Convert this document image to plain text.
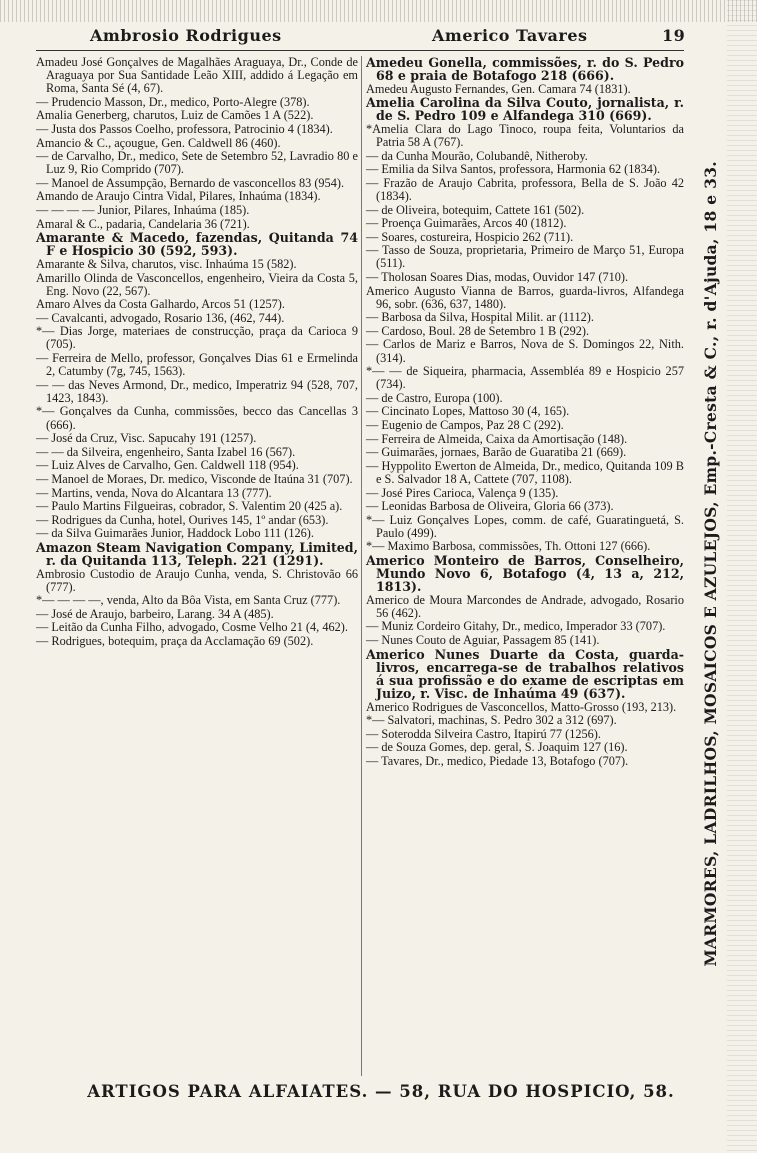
Ambrosio Rodrigues	Americo Tavares	19
Amadeu José Gonçalves de Magalhães Araguaya, Dr., Conde de Araguaya por Sua Santidade Leão XIII, addido á Legação em Roma, Santa Sé (4, 67).
— Prudencio Masson, Dr., medico, Porto-Alegre (378).
Amalia Generberg, charutos, Luiz de Camões 1 A (522).
— Justa dos Passos Coelho, professora, Patrocinio 4 (1834).
Amancio & C., açougue, Gen. Caldwell 86 (460).
— de Carvalho, Dr., medico, Sete de Setembro 52, Lavradio 80 e Luz 9, Rio Comprido (707).
— Manoel de Assumpção, Bernardo de vasconcellos 83 (954).
Amando de Araujo Cintra Vidal, Pilares, Inhaúma (1834).
— — — — Junior, Pilares, Inhaúma (185).
Amaral & C., padaria, Candelaria 36 (721).
Amarante & Macedo, fazendas, Quitanda 74 F e Hospicio 30 (592, 593).
Amarante & Silva, charutos, visc. Inhaúma 15 (582).
Amarillo Olinda de Vasconcellos, engenheiro, Vieira da Costa 5, Eng. Novo (22, 567).
Amaro Alves da Costa Galhardo, Arcos 51 (1257).
— Cavalcanti, advogado, Rosario 136, (462, 744).
*— Dias Jorge, materiaes de construcção, praça da Carioca 9 (705).
— Ferreira de Mello, professor, Gonçalves Dias 61 e Ermelinda 2, Catumby (7g, 745, 1563).
— — das Neves Armond, Dr., medico, Imperatriz 94 (528, 707, 1423, 1843).
*— Gonçalves da Cunha, commissões, becco das Cancellas 3 (666).
— José da Cruz, Visc. Sapucahy 191 (1257).
— — da Silveira, engenheiro, Santa Izabel 16 (567).
— Luiz Alves de Carvalho, Gen. Caldwell 118 (954).
— Manoel de Moraes, Dr. medico, Visconde de Itaúna 31 (707).
— Martins, venda, Nova do Alcantara 13 (777).
— Paulo Martins Filgueiras, cobrador, S. Valentim 20 (425 a).
— Rodrigues da Cunha, hotel, Ourives 145, 1º andar (653).
— da Silva Guimarães Junior, Haddock Lobo 111 (126).
Amazon Steam Navigation Company, Limited, r. da Quitanda 113, Teleph. 221 (1291).
Ambrosio Custodio de Araujo Cunha, venda, S. Christovão 66 (777).
*— — — —, venda, Alto da Bôa Vista, em Santa Cruz (777).
— José de Araujo, barbeiro, Larang. 34 A (485).
— Leitão da Cunha Filho, advogado, Cosme Velho 21 (4, 462).
— Rodrigues, botequim, praça da Acclamação 69 (502).
Amedeu Gonella, commissões, r. do S. Pedro 68 e praia de Botafogo 218 (666).
Amedeu Augusto Fernandes, Gen. Camara 74 (1831).
Amelia Carolina da Silva Couto, jornalista, r. de S. Pedro 109 e Alfandega 310 (669).
*Amelia Clara do Lago Tinoco, roupa feita, Voluntarios da Patria 58 A (767).
— da Cunha Mourão, Colubandê, Nitheroby.
— Emilia da Silva Santos, professora, Harmonia 62 (1834).
— Frazão de Araujo Cabrita, professora, Bella de S. João 42 (1834).
— de Oliveira, botequim, Cattete 161 (502).
— Proença Guimarães, Arcos 40 (1812).
— Soares, costureira, Hospicio 262 (711).
— Tasso de Souza, proprietaria, Primeiro de Março 51, Europa (511).
— Tholosan Soares Dias, modas, Ouvidor 147 (710).
Americo Augusto Vianna de Barros, guarda-livros, Alfandega 96, sobr. (636, 637, 1480).
— Barbosa da Silva, Hospital Milit. ar (1112).
— Cardoso, Boul. 28 de Setembro 1 B (292).
— Carlos de Mariz e Barros, Nova de S. Domingos 22, Nith. (314).
*— — de Siqueira, pharmacia, Assembléa 89 e Hospicio 257 (734).
— de Castro, Europa (100).
— Cincinato Lopes, Mattoso 30 (4, 165).
— Eugenio de Campos, Paz 28 C (292).
— Ferreira de Almeida, Caixa da Amortisação (148).
— Guimarães, jornaes, Barão de Guaratiba 21 (669).
— Hyppolito Ewerton de Almeida, Dr., medico, Quitanda 109 B e S. Salvador 18 A, Cattete (707, 1108).
— José Pires Carioca, Valença 9 (135).
— Leonidas Barbosa de Oliveira, Gloria 66 (373).
*— Luiz Gonçalves Lopes, comm. de café, Guaratinguetá, S. Paulo (499).
*— Maximo Barbosa, commissões, Th. Ottoni 127 (666).
Americo Monteiro de Barros, Conselheiro, Mundo Novo 6, Botafogo (4, 13 a, 212, 1813).
Americo de Moura Marcondes de Andrade, advogado, Rosario 56 (462).
— Muniz Cordeiro Gitahy, Dr., medico, Imperador 33 (707).
— Nunes Couto de Aguiar, Passagem 85 (141).
Americo Nunes Duarte da Costa, guarda-livros, encarrega-se de trabalhos relativos á sua profissão e do exame de escriptas em Juizo, r. Visc. de Inhaúma 49 (637).
Americo Rodrigues de Vasconcellos, Matto-Grosso (193, 213).
*— Salvatori, machinas, S. Pedro 302 a 312 (697).
— Soterodda Silveira Castro, Itapirú 77 (1256).
— de Souza Gomes, dep. geral, S. Joaquim 127 (16).
— Tavares, Dr., medico, Piedade 13, Botafogo (707).	MARMORES, LADRILHOS, MOSAICOS E AZULEJOS, Emp.-Cresta & C., r. d'Ajuda, 18 e 33.
ARTIGOS PARA ALFAIATES. — 58, RUA DO HOSPICIO, 58.
